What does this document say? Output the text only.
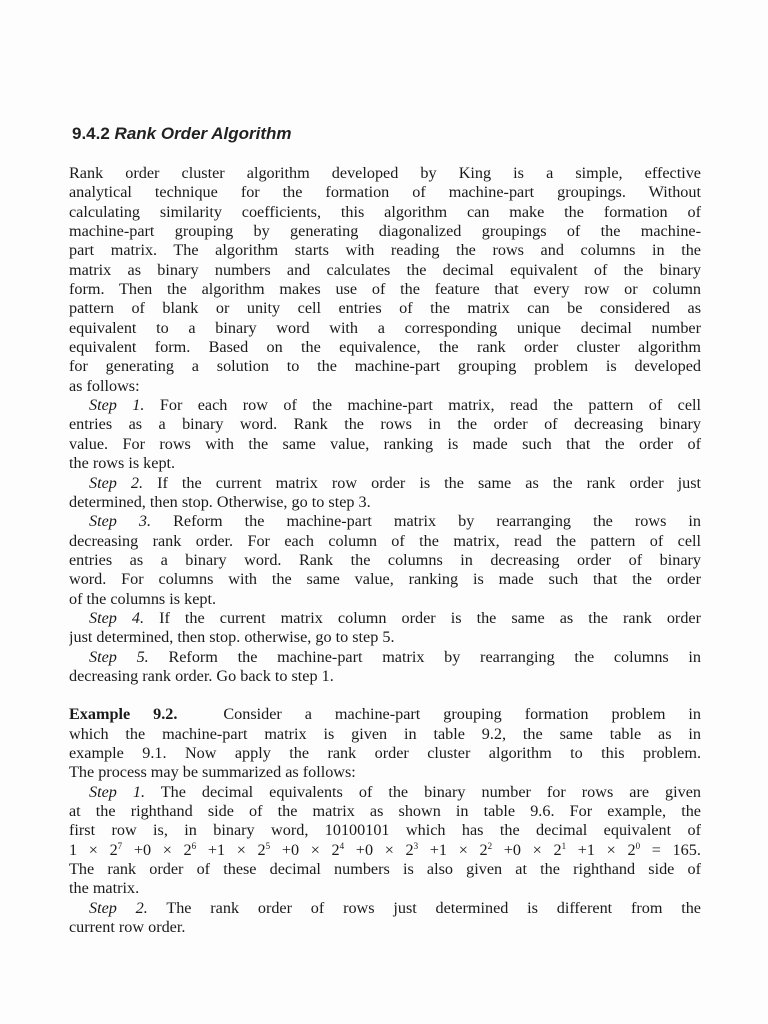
9.4.2 Rank Order Algorithm

Rank order cluster algorithm developed by King is a simple, effective
analytical technique for the formation of machine-part groupings. Without
calculating similarity coefficients, this algorithm can make the formation of
machine-part grouping by generating diagonalized groupings of the machine-
part matrix. The algorithm starts with reading the rows and columns in the
matrix as binary numbers and calculates the decimal equivalent of the binary
form. Then the algorithm makes use of the feature that every row or column
pattern of blank or unity cell entries of the matrix can be considered as
equivalent to a binary word with a corresponding unique decimal number
equivalent form. Based on the equivalence, the rank order cluster algorithm
for generating a solution to the machine-part grouping problem is developed
as follows:

Step 1. For each row of the machine-part matrix, read the pattern of cell
entries as a binary word. Rank the rows in the order of decreasing binary
value. For rows with the same value, ranking is made such that the order of
the rows is kept.

Step 2. If the current matrix row order is the same as the rank order just
determined, then stop. Otherwise, go to step 3.

Step 3. Reform the machine-part matrix by rearranging the rows in
decreasing rank order. For each column of the matrix, read the pattern of cell
entries as a binary word. Rank the columns in decreasing order of binary
word. For columns with the same value, ranking is made such that the order
of the columns is kept.

Step 4. If the current matrix column order is the same as the rank order
just determined, then stop. otherwise, go to step 5.

Step 5. Reform the machine-part matrix by rearranging the columns in
decreasing rank order. Go back to step 1.

Example 9.2.	Consider a machine-part grouping formation problem in
which the machine-part matrix is given in table 9.2, the same table as in
example 9.1. Now apply the rank order cluster algorithm to this problem.
The process may be summarized as follows:

Step 1. The decimal equivalents of the binary number for rows are given
at the righthand side of the matrix as shown in table 9.6. For example, the
first row is, in binary word, 10100101 which has the decimal equivalent of
$1 \times 2^7 +0 \times 2^6 +1 \times 2^5 +0 \times 2^4 +0 \times 2^3 +1 \times 2^2 +0 \times 2^1 +1 \times 2^0 = 165$.
The rank order of these decimal numbers is also given at the righthand side of
the matrix.

Step 2. The rank order of rows just determined is different from the
current row order.
